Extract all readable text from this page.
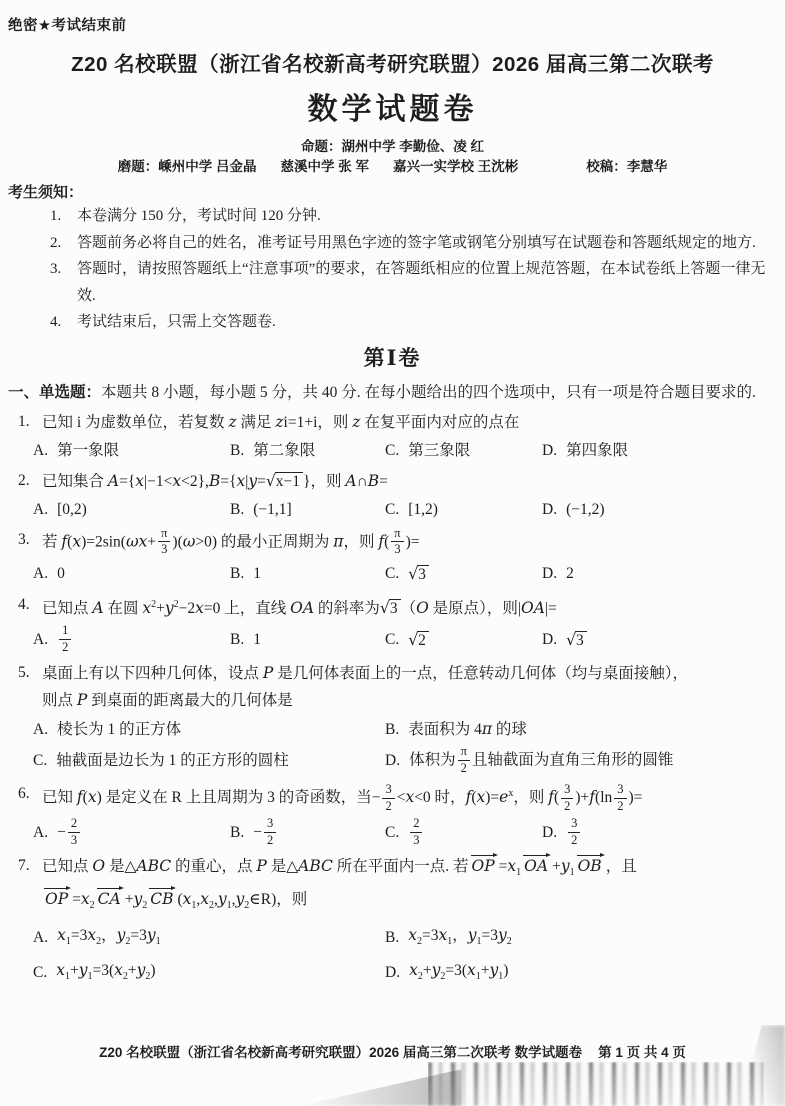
绝密★考试结束前
Z20 名校联盟（浙江省名校新高考研究联盟）2026 届高三第二次联考
数学试题卷
命题：湖州中学 李勤俭、凌 红
磨题：嵊州中学 吕金晶 慈溪中学 张 军 嘉兴一实学校 王沈彬	校稿：李慧华
考生须知：
1.	本卷满分 150 分，考试时间 120 分钟.
2.	答题前务必将自己的姓名，准考证号用黑色字迹的签字笔或钢笔分别填写在试题卷和答题纸规定的地方.
3.	答题时，请按照答题纸上“注意事项”的要求，在答题纸相应的位置上规范答题，在本试卷纸上答题一律无效.
4.	考试结束后，只需上交答题卷.
第Ⅰ卷
一、单选题：本题共 8 小题，每小题 5 分，共 40 分. 在每小题给出的四个选项中，只有一项是符合题目要求的.
1. 已知 i 为虚数单位，若复数 z 满足 zi=1+i，则 z 在复平面内对应的点在
A. 第一象限	B. 第二象限	C. 第三象限	D. 第四象限
2. 已知集合 A={x|−1<x<2},B={x|y=√x−1 }，则 A∩B=
A. [0,2)	B. (−1,1]	C. [1,2)	D. (−1,2)
3. 若 $f(x)=2\sin(\omega x+ \frac{\pi}{3} )(\omega>0)$ 的最小正周期为 π，则 $f( \frac{\pi}{3}$ )=
A. 0	B. 1	C. √3	D. 2
4. 已知点 A 在圆 $x^2+y^2-2x=0$ 上，直线 OA 的斜率为√3 （O 是原点），则|OA|=
A. $\frac{1}{2}$	B. 1	C. √2	D. √3
5. 桌面上有以下四种几何体，设点 P 是几何体表面上的一点，任意转动几何体（均与桌面接触），
则点 P 到桌面的距离最大的几何体是
A. 棱长为 1 的正方体	B. 表面积为 4π 的球
C. 轴截面是边长为 1 的正方形的圆柱	D. 体积为 $\frac{\pi}{2}$ 且轴截面为直角三角形的圆锥
6. 已知 f(x) 是定义在 R 上且周期为 3 的奇函数，当− $\frac{3}{2} <x<0$ 时，$f(x)=e^x$，则 $f( \frac{3}{2} )+f(\ln \frac{3}{2}$ )=
A. − $\frac{2}{3}$	B. − $\frac{3}{2}$	C. $\frac{2}{3}$	D. $\frac{3}{2}$
7. 已知点 O 是△ABC 的重心，点 P 是△ABC 所在平面内一点. 若 OP $=x_1$ OA $+y_1$ OB ，且
OP $=x_2$ CA $+y_2$ CB $(x_1,x_2,y_1,y_2\in R)$，则
A. $x_1=3x_2$，$y_2=3y_1$	B. $x_2=3x_1$，$y_1=3y_2$
C. $x_1+y_1=3(x_2+y_2)$	D. $x_2+y_2=3(x_1+y_1)$
Z20 名校联盟（浙江省名校新高考研究联盟）2026 届高三第二次联考 数学试题卷 第 1 页 共 4 页
